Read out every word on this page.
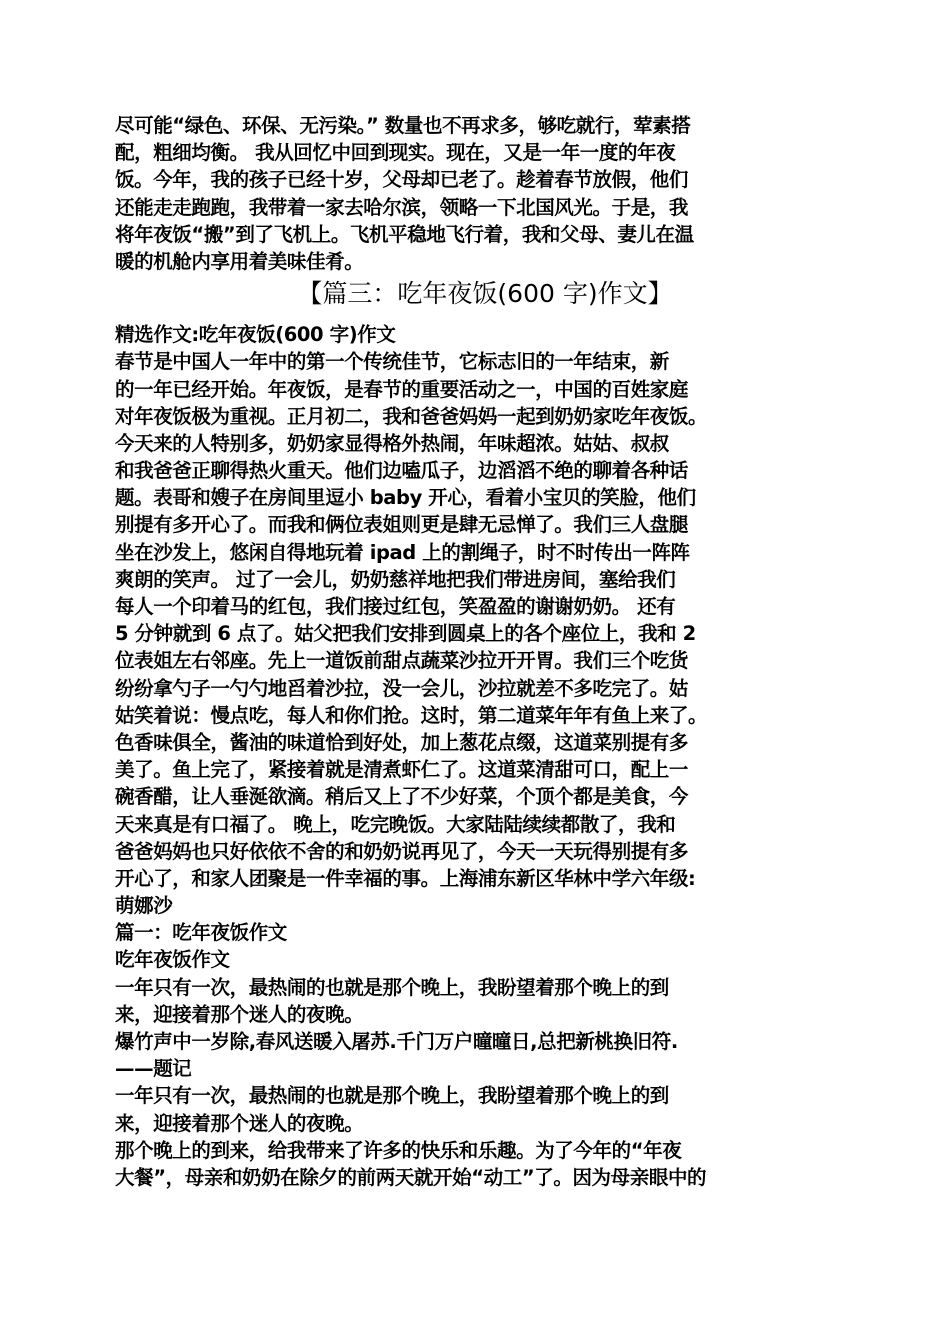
尽可能“绿色、环保、无污染。” 数量也不再求多，够吃就行，荤素搭
配，粗细均衡。 我从回忆中回到现实。现在，又是一年一度的年夜
饭。今年，我的孩子已经十岁，父母却已老了。趁着春节放假，他们
还能走走跑跑，我带着一家去哈尔滨，领略一下北国风光。于是，我
将年夜饭“搬”到了飞机上。飞机平稳地飞行着，我和父母、妻儿在温
暖的机舱内享用着美味佳肴。
【篇三：吃年夜饭(600 字)作文】
精选作文:吃年夜饭(600 字)作文
春节是中国人一年中的第一个传统佳节，它标志旧的一年结束，新
的一年已经开始。年夜饭，是春节的重要活动之一，中国的百姓家庭
对年夜饭极为重视。正月初二，我和爸爸妈妈一起到奶奶家吃年夜饭。
今天来的人特别多，奶奶家显得格外热闹，年味超浓。姑姑、叔叔
和我爸爸正聊得热火重天。他们边嗑瓜子，边滔滔不绝的聊着各种话
题。表哥和嫂子在房间里逗小 baby 开心，看着小宝贝的笑脸，他们
别提有多开心了。而我和俩位表姐则更是肆无忌惮了。我们三人盘腿
坐在沙发上，悠闲自得地玩着 ipad 上的割绳子，时不时传出一阵阵
爽朗的笑声。 过了一会儿，奶奶慈祥地把我们带进房间，塞给我们
每人一个印着马的红包，我们接过红包，笑盈盈的谢谢奶奶。 还有
5 分钟就到 6 点了。姑父把我们安排到圆桌上的各个座位上，我和 2
位表姐左右邻座。先上一道饭前甜点蔬菜沙拉开开胃。我们三个吃货
纷纷拿勺子一勺勺地舀着沙拉，没一会儿，沙拉就差不多吃完了。姑
姑笑着说：慢点吃，每人和你们抢。这时，第二道菜年年有鱼上来了。
色香味俱全，酱油的味道恰到好处，加上葱花点缀，这道菜别提有多
美了。鱼上完了，紧接着就是清煮虾仁了。这道菜清甜可口，配上一
碗香醋，让人垂涎欲滴。稍后又上了不少好菜，个顶个都是美食，今
天来真是有口福了。 晚上，吃完晚饭。大家陆陆续续都散了，我和
爸爸妈妈也只好依依不舍的和奶奶说再见了，今天一天玩得别提有多
开心了，和家人团聚是一件幸福的事。上海浦东新区华林中学六年级:
萌娜沙
篇一：吃年夜饭作文
吃年夜饭作文
一年只有一次，最热闹的也就是那个晚上，我盼望着那个晚上的到
来，迎接着那个迷人的夜晚。
爆竹声中一岁除,春风送暖入屠苏.千门万户曈曈日,总把新桃换旧符.
——题记
一年只有一次，最热闹的也就是那个晚上，我盼望着那个晚上的到
来，迎接着那个迷人的夜晚。
那个晚上的到来，给我带来了许多的快乐和乐趣。为了今年的“年夜
大餐”，母亲和奶奶在除夕的前两天就开始“动工”了。因为母亲眼中的
